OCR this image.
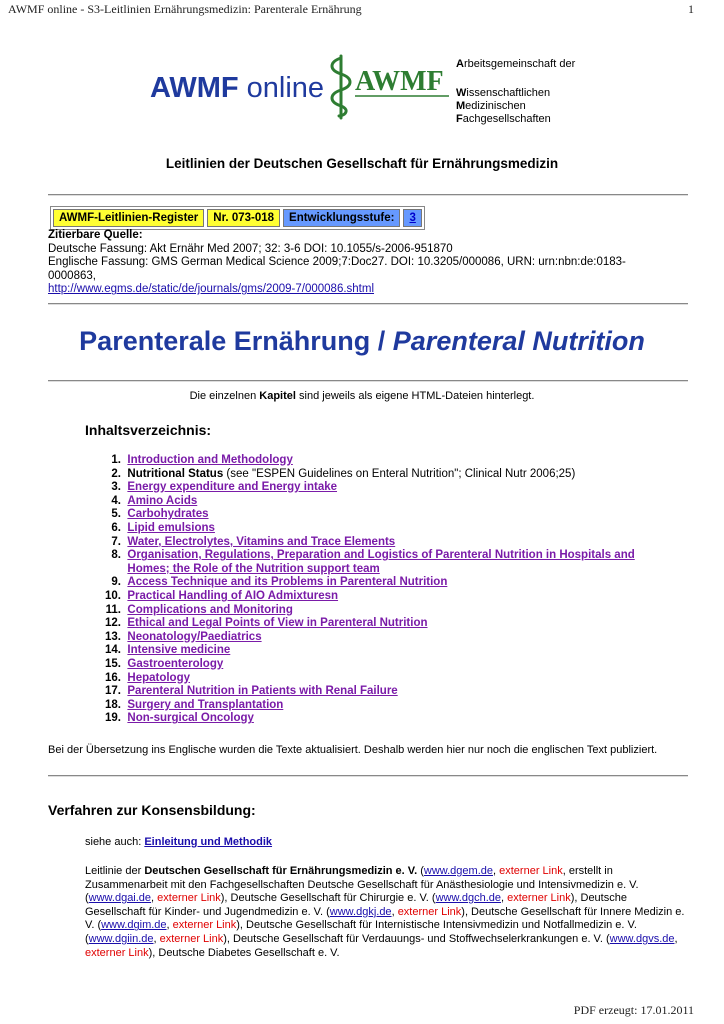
AWMF online - S3-Leitlinien Ernährungsmedizin: Parenterale Ernährung	1
AWMF online AWMF
Arbeitsgemeinschaft der
Wissenschaftlichen
Medizinischen
Fachgesellschaften
Leitlinien der Deutschen Gesellschaft für Ernährungsmedizin
AWMF-Leitlinien-Register	Nr. 073-018	Entwicklungsstufe:	3
Zitierbare Quelle:
Deutsche Fassung: Akt Ernähr Med 2007; 32: 3-6 DOI: 10.1055/s-2006-951870
Englische Fassung: GMS German Medical Science 2009;7:Doc27. DOI: 10.3205/000086, URN: urn:nbn:de:0183-
0000863,
http://www.egms.de/static/de/journals/gms/2009-7/000086.shtml
Parenterale Ernährung / Parenteral Nutrition
Die einzelnen Kapitel sind jeweils als eigene HTML-Dateien hinterlegt.
Inhaltsverzeichnis:
1.
Introduction and Methodology
2.
Nutritional Status (see "ESPEN Guidelines on Enteral Nutrition"; Clinical Nutr 2006;25)
3.
Energy expenditure and Energy intake
4.
Amino Acids
5.
Carbohydrates
6.
Lipid emulsions
7.
Water, Electrolytes, Vitamins and Trace Elements
8.
Organisation, Regulations, Preparation and Logistics of Parenteral Nutrition in Hospitals and
Homes; the Role of the Nutrition support team
9.
Access Technique and its Problems in Parenteral Nutrition
10.
Practical Handling of AIO Admixturesn
11.
Complications and Monitoring
12.
Ethical and Legal Points of View in Parenteral Nutrition
13.
Neonatology/Paediatrics
14.
Intensive medicine
15.
Gastroenterology
16.
Hepatology
17.
Parenteral Nutrition in Patients with Renal Failure
18.
Surgery and Transplantation
19.
Non-surgical Oncology
Bei der Übersetzung ins Englische wurden die Texte aktualisiert. Deshalb werden hier nur noch die englischen Text publiziert.
Verfahren zur Konsensbildung:
siehe auch: Einleitung und Methodik
Leitlinie der Deutschen Gesellschaft für Ernährungsmedizin e. V. (www.dgem.de, externer Link, erstellt in Zusammenarbeit mit den Fachgesellschaften Deutsche Gesellschaft für Anästhesiologie und Intensivmedizin e. V. (www.dgai.de, externer Link), Deutsche Gesellschaft für Chirurgie e. V. (www.dgch.de, externer Link), Deutsche Gesellschaft für Kinder- und Jugendmedizin e. V. (www.dgkj.de, externer Link), Deutsche Gesellschaft für Innere Medizin e. V. (www.dgim.de, externer Link), Deutsche Gesellschaft für Internistische Intensivmedizin und Notfallmedizin e. V. (www.dgiin.de, externer Link), Deutsche Gesellschaft für Verdauungs- und Stoffwechselerkrankungen e. V. (www.dgvs.de, externer Link), Deutsche Diabetes Gesellschaft e. V.
PDF erzeugt: 17.01.2011
